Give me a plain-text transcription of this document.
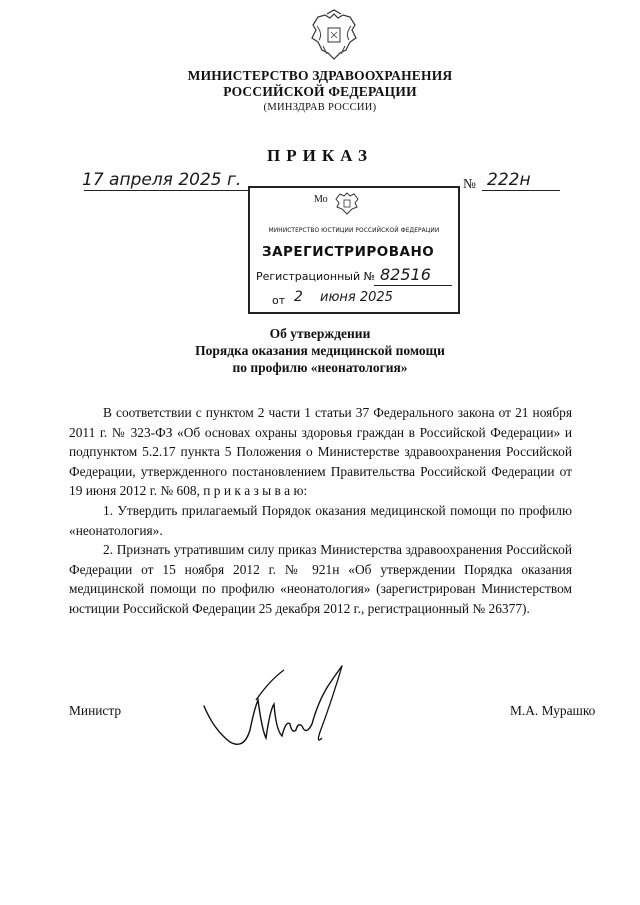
МИНИСТЕРСТВО ЗДРАВООХРАНЕНИЯ
РОССИЙСКОЙ ФЕДЕРАЦИИ
(МИНЗДРАВ РОССИИ)
ПРИКАЗ
17 апреля 2025 г.	№ 222н
Мо
МИНИСТЕРСТВО ЮСТИЦИИ РОССИЙСКОЙ ФЕДЕРАЦИИ
ЗАРЕГИСТРИРОВАНО
Регистрационный № 82516
от 2 июня 2025
Об утверждении
Порядка оказания медицинской помощи
по профилю «неонатология»

В соответствии с пунктом 2 части 1 статьи 37 Федерального закона от 21 ноября 2011 г. № 323-ФЗ «Об основах охраны здоровья граждан в Российской Федерации» и подпунктом 5.2.17 пункта 5 Положения о Министерстве здравоохранения Российской Федерации, утвержденного постановлением Правительства Российской Федерации от 19 июня 2012 г. № 608, п р и к а з ы в а ю:

1. Утвердить прилагаемый Порядок оказания медицинской помощи по профилю «неонатология».

2. Признать утратившим силу приказ Министерства здравоохранения Российской Федерации от 15 ноября 2012 г. № 921н «Об утверждении Порядка оказания медицинской помощи по профилю «неонатология» (зарегистрирован Министерством юстиции Российской Федерации 25 декабря 2012 г., регистрационный № 26377).

Министр	М.А. Мурашко
